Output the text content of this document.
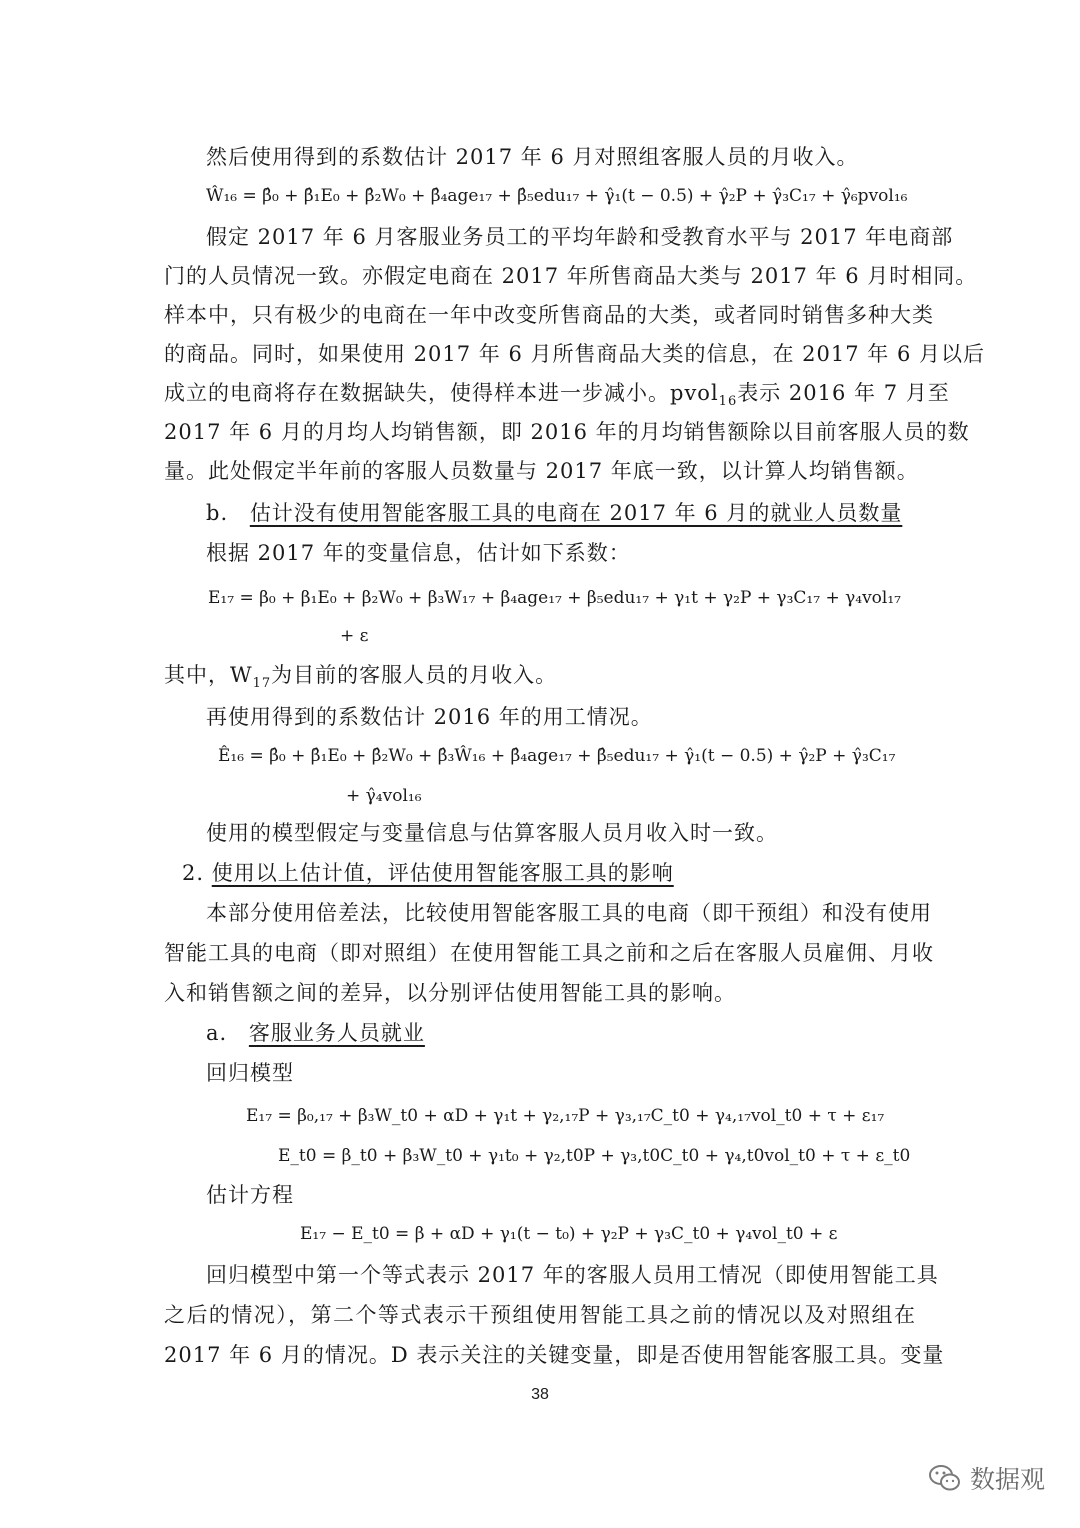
然后使用得到的系数估计 2017 年 6 月对照组客服人员的月收入。
Ŵ₁₆ = β̂₀ + β̂₁E₀ + β̂₂W₀ + β̂₄age₁₇ + β̂₅edu₁₇ + γ̂₁(t − 0.5) + γ̂₂P + γ̂₃C₁₇ + γ̂₆pvol₁₆
假定 2017 年 6 月客服业务员工的平均年龄和受教育水平与 2017 年电商部
门的人员情况一致。亦假定电商在 2017 年所售商品大类与 2017 年 6 月时相同。
样本中，只有极少的电商在一年中改变所售商品的大类，或者同时销售多种大类
的商品。同时，如果使用 2017 年 6 月所售商品大类的信息，在 2017 年 6 月以后
成立的电商将存在数据缺失，使得样本进一步减小。pvol$_{16}$表示 2016 年 7 月至
2017 年 6 月的月均人均销售额，即 2016 年的月均销售额除以目前客服人员的数
量。此处假定半年前的客服人员数量与 2017 年底一致，以计算人均销售额。
b. 估计没有使用智能客服工具的电商在 2017 年 6 月的就业人员数量
根据 2017 年的变量信息，估计如下系数：
E₁₇ = β₀ + β₁E₀ + β₂W₀ + β₃W₁₇ + β₄age₁₇ + β₅edu₁₇ + γ₁t + γ₂P + γ₃C₁₇ + γ₄vol₁₇
+ ε
其中，$W_{17}$为目前的客服人员的月收入。
再使用得到的系数估计 2016 年的用工情况。
Ê₁₆ = β̂₀ + β̂₁E₀ + β̂₂W₀ + β̂₃Ŵ₁₆ + β̂₄age₁₇ + β̂₅edu₁₇ + γ̂₁(t − 0.5) + γ̂₂P + γ̂₃C₁₇
+ γ̂₄vol₁₆
使用的模型假定与变量信息与估算客服人员月收入时一致。
2. 使用以上估计值，评估使用智能客服工具的影响
本部分使用倍差法，比较使用智能客服工具的电商（即干预组）和没有使用
智能工具的电商（即对照组）在使用智能工具之前和之后在客服人员雇佣、月收
入和销售额之间的差异，以分别评估使用智能工具的影响。
a. 客服业务人员就业
回归模型
E₁₇ = β₀,₁₇ + β₃W_t0 + αD + γ₁t + γ₂,₁₇P + γ₃,₁₇C_t0 + γ₄,₁₇vol_t0 + τ + ε₁₇
E_t0 = β_t0 + β₃W_t0 + γ₁t₀ + γ₂,t0P + γ₃,t0C_t0 + γ₄,t0vol_t0 + τ + ε_t0
估计方程
E₁₇ − E_t0 = β + αD + γ₁(t − t₀) + γ₂P + γ₃C_t0 + γ₄vol_t0 + ε
回归模型中第一个等式表示 2017 年的客服人员用工情况（即使用智能工具
之后的情况），第二个等式表示干预组使用智能工具之前的情况以及对照组在
2017 年 6 月的情况。D 表示关注的关键变量，即是否使用智能客服工具。变量
38
数据观
